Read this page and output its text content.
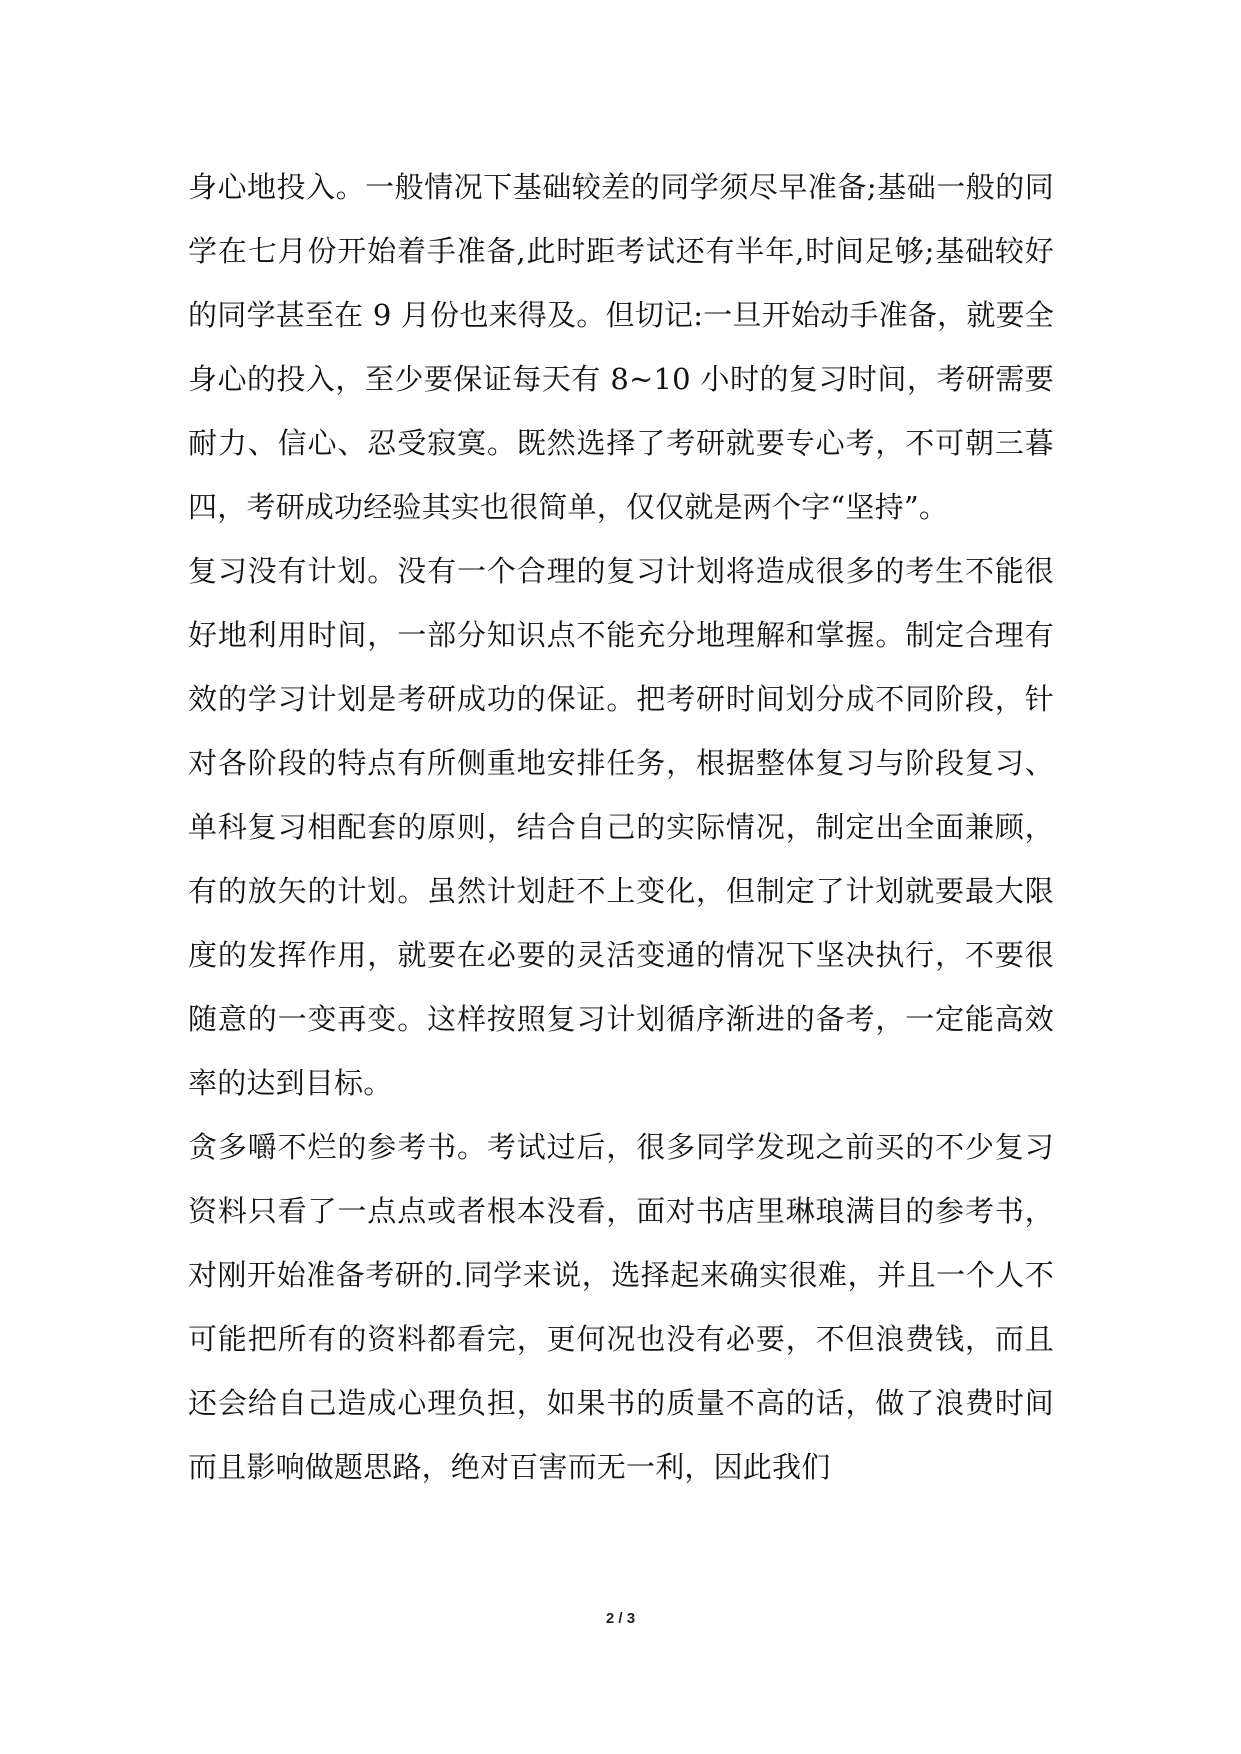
身心地投入。一般情况下基础较差的同学须尽早准备;基础一般的同学在七月份开始着手准备,此时距考试还有半年,时间足够;基础较好的同学甚至在 9 月份也来得及。但切记:一旦开始动手准备，就要全身心的投入，至少要保证每天有 8~10 小时的复习时间，考研需要耐力、信心、忍受寂寞。既然选择了考研就要专心考，不可朝三暮四，考研成功经验其实也很简单，仅仅就是两个字“坚持”。

复习没有计划。没有一个合理的复习计划将造成很多的考生不能很好地利用时间，一部分知识点不能充分地理解和掌握。制定合理有效的学习计划是考研成功的保证。把考研时间划分成不同阶段，针对各阶段的特点有所侧重地安排任务，根据整体复习与阶段复习、单科复习相配套的原则，结合自己的实际情况，制定出全面兼顾，有的放矢的计划。虽然计划赶不上变化，但制定了计划就要最大限度的发挥作用，就要在必要的灵活变通的情况下坚决执行，不要很随意的一变再变。这样按照复习计划循序渐进的备考，一定能高效率的达到目标。

贪多嚼不烂的参考书。考试过后，很多同学发现之前买的不少复习资料只看了一点点或者根本没看，面对书店里琳琅满目的参考书，对刚开始准备考研的.同学来说，选择起来确实很难，并且一个人不可能把所有的资料都看完，更何况也没有必要，不但浪费钱，而且还会给自己造成心理负担，如果书的质量不高的话，做了浪费时间而且影响做题思路，绝对百害而无一利，因此我们

2 / 3
